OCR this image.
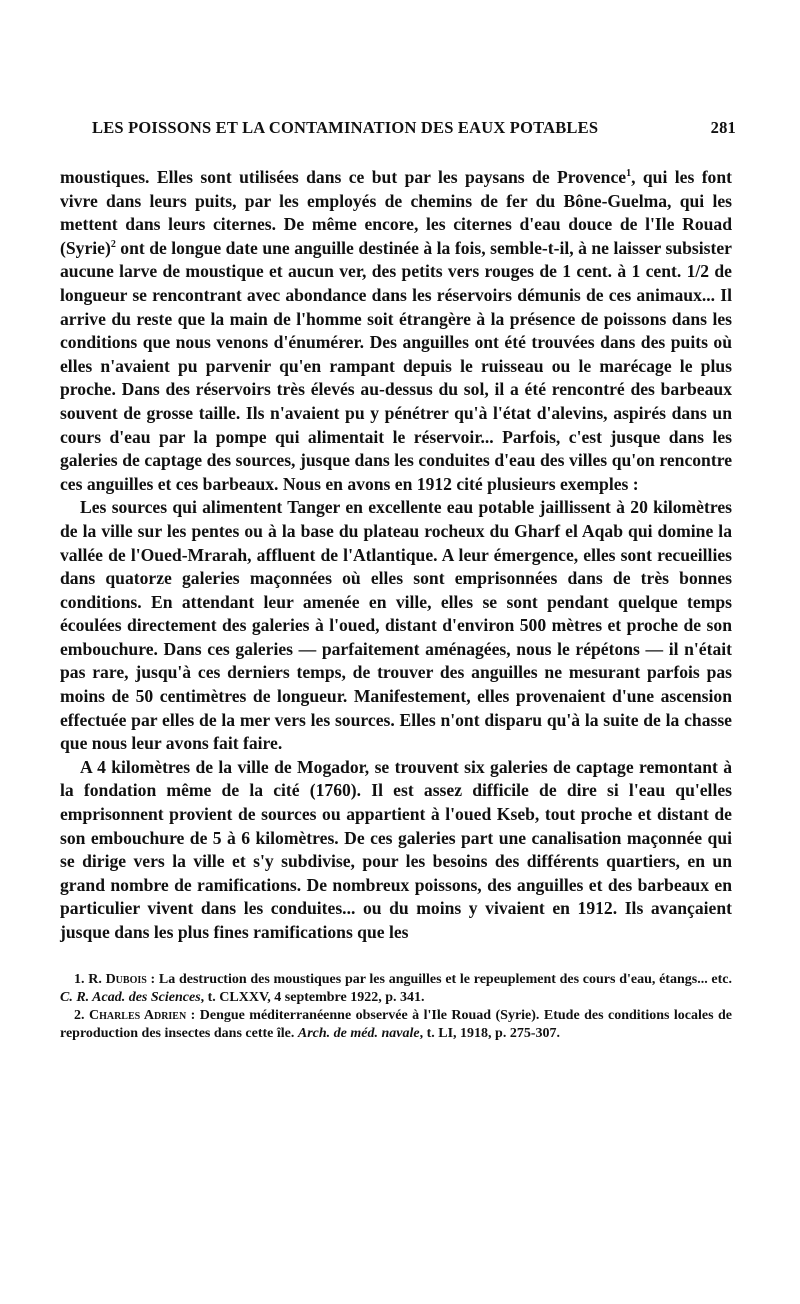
LES POISSONS ET LA CONTAMINATION DES EAUX POTABLES	281

moustiques. Elles sont utilisées dans ce but par les paysans de Provence$^1$, qui les font vivre dans leurs puits, par les employés de chemins de fer du Bône-Guelma, qui les mettent dans leurs citernes. De même encore, les citernes d'eau douce de l'Ile Rouad (Syrie)$^2$ ont de longue date une anguille destinée à la fois, semble-t-il, à ne laisser subsister aucune larve de moustique et aucun ver, des petits vers rouges de 1 cent. à 1 cent. 1/2 de longueur se rencontrant avec abondance dans les réservoirs démunis de ces animaux... Il arrive du reste que la main de l'homme soit étrangère à la présence de poissons dans les conditions que nous venons d'énumérer. Des anguilles ont été trouvées dans des puits où elles n'avaient pu parvenir qu'en rampant depuis le ruisseau ou le marécage le plus proche. Dans des réservoirs très élevés au-dessus du sol, il a été rencontré des barbeaux souvent de grosse taille. Ils n'avaient pu y pénétrer qu'à l'état d'alevins, aspirés dans un cours d'eau par la pompe qui alimentait le réservoir... Parfois, c'est jusque dans les galeries de captage des sources, jusque dans les conduites d'eau des villes qu'on rencontre ces anguilles et ces barbeaux. Nous en avons en 1912 cité plusieurs exemples :

Les sources qui alimentent Tanger en excellente eau potable jaillissent à 20 kilomètres de la ville sur les pentes ou à la base du plateau rocheux du Gharf el Aqab qui domine la vallée de l'Oued-Mrarah, affluent de l'Atlantique. A leur émergence, elles sont recueillies dans quatorze galeries maçonnées où elles sont emprisonnées dans de très bonnes conditions. En attendant leur amenée en ville, elles se sont pendant quelque temps écoulées directement des galeries à l'oued, distant d'environ 500 mètres et proche de son embouchure. Dans ces galeries — parfaitement aménagées, nous le répétons — il n'était pas rare, jusqu'à ces derniers temps, de trouver des anguilles ne mesurant parfois pas moins de 50 centimètres de longueur. Manifestement, elles provenaient d'une ascension effectuée par elles de la mer vers les sources. Elles n'ont disparu qu'à la suite de la chasse que nous leur avons fait faire.

A 4 kilomètres de la ville de Mogador, se trouvent six galeries de captage remontant à la fondation même de la cité (1760). Il est assez difficile de dire si l'eau qu'elles emprisonnent provient de sources ou appartient à l'oued Kseb, tout proche et distant de son embouchure de 5 à 6 kilomètres. De ces galeries part une canalisation maçonnée qui se dirige vers la ville et s'y subdivise, pour les besoins des différents quartiers, en un grand nombre de ramifications. De nombreux poissons, des anguilles et des barbeaux en particulier vivent dans les conduites... ou du moins y vivaient en 1912. Ils avançaient jusque dans les plus fines ramifications que les

1. R. Dubois : La destruction des moustiques par les anguilles et le repeuplement des cours d'eau, étangs... etc. C. R. Acad. des Sciences, t. CLXXV, 4 septembre 1922, p. 341.

2. Charles Adrien : Dengue méditerranéenne observée à l'Ile Rouad (Syrie). Etude des conditions locales de reproduction des insectes dans cette île. Arch. de méd. navale, t. LI, 1918, p. 275-307.
